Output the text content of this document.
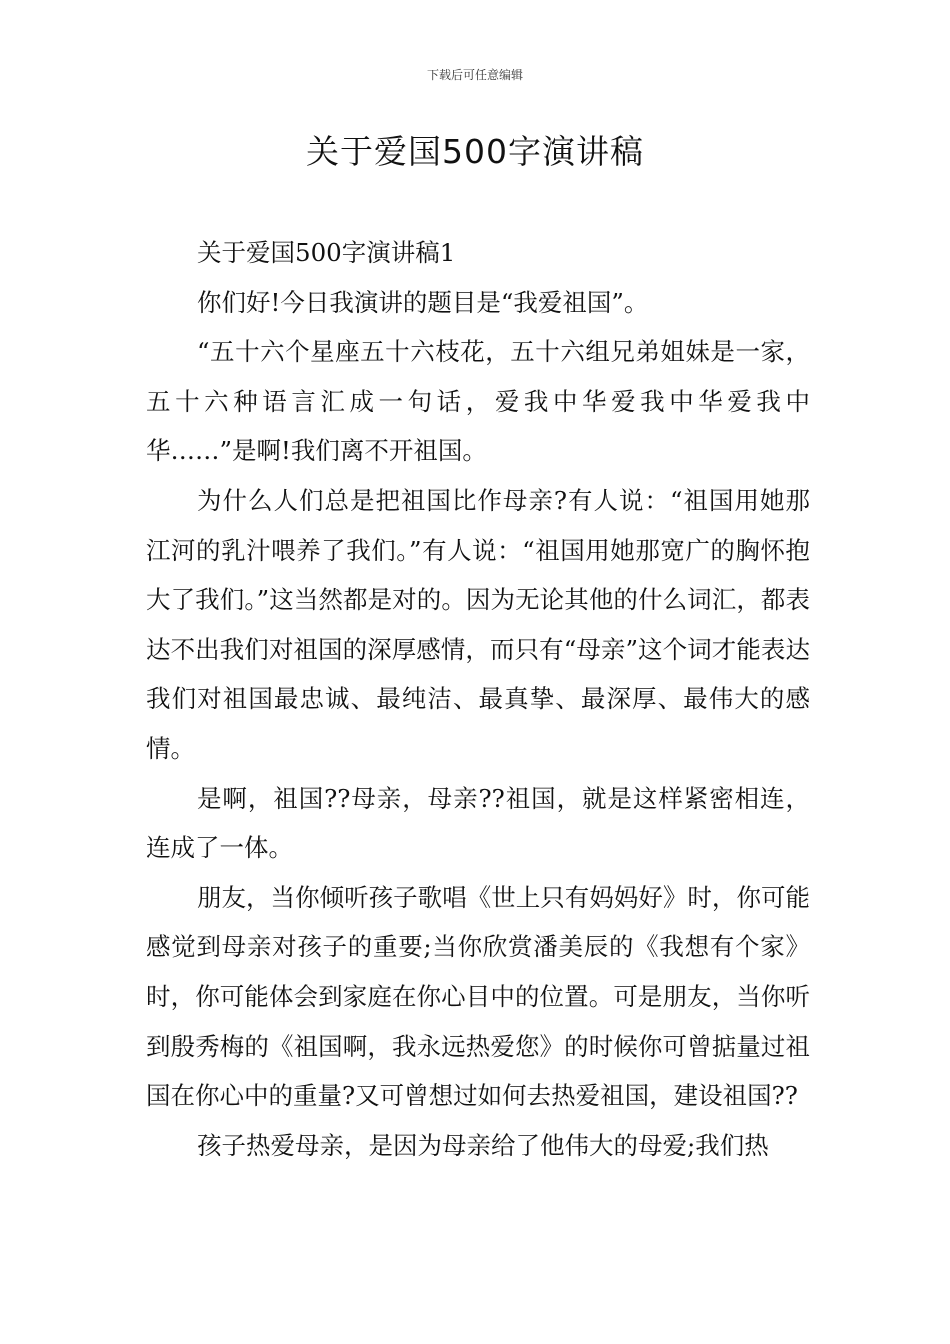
下载后可任意编辑
关于爱国500字演讲稿

关于爱国500字演讲稿1

你们好!今日我演讲的题目是“我爱祖国”。

“五十六个星座五十六枝花，五十六组兄弟姐妹是一家，五十六种语言汇成一句话，爱我中华爱我中华爱我中华……”是啊!我们离不开祖国。

为什么人们总是把祖国比作母亲?有人说：“祖国用她那江河的乳汁喂养了我们。”有人说：“祖国用她那宽广的胸怀抱大了我们。”这当然都是对的。因为无论其他的什么词汇，都表达不出我们对祖国的深厚感情，而只有“母亲”这个词才能表达我们对祖国最忠诚、最纯洁、最真挚、最深厚、最伟大的感情。

是啊，祖国??母亲，母亲??祖国，就是这样紧密相连，连成了一体。

朋友，当你倾听孩子歌唱《世上只有妈妈好》时，你可能感觉到母亲对孩子的重要;当你欣赏潘美辰的《我想有个家》时，你可能体会到家庭在你心目中的位置。可是朋友，当你听到殷秀梅的《祖国啊，我永远热爱您》的时候你可曾掂量过祖国在你心中的重量?又可曾想过如何去热爱祖国，建设祖国??

孩子热爱母亲，是因为母亲给了他伟大的母爱;我们热
